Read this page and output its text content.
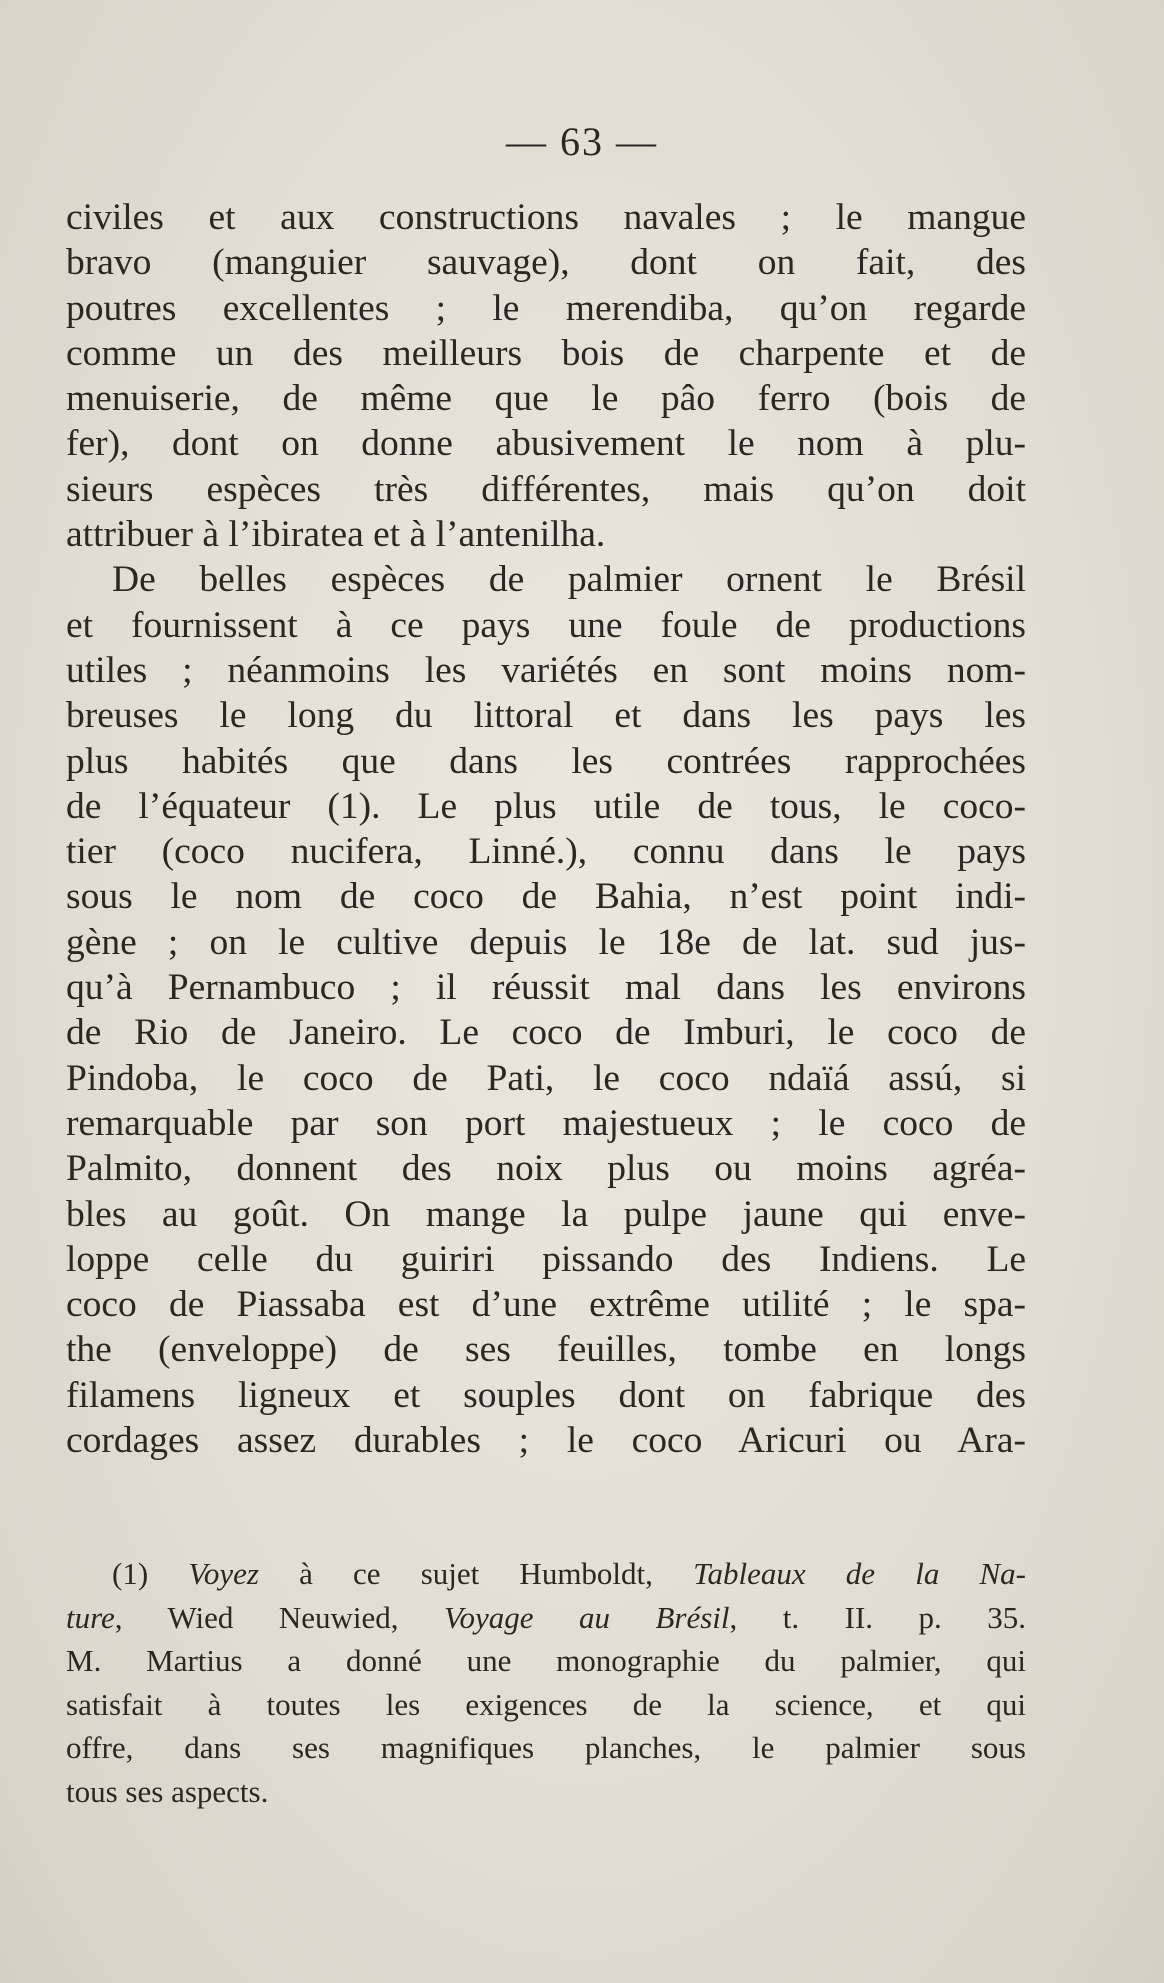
— 63 —
civiles et aux constructions navales ; le mangue
bravo (manguier sauvage), dont on fait, des
poutres excellentes ; le merendiba, qu’on regarde
comme un des meilleurs bois de charpente et de
menuiserie, de même que le pâo ferro (bois de
fer), dont on donne abusivement le nom à plu-
sieurs espèces très différentes, mais qu’on doit
attribuer à l’ibiratea et à l’antenilha.
De belles espèces de palmier ornent le Brésil
et fournissent à ce pays une foule de productions
utiles ; néanmoins les variétés en sont moins nom-
breuses le long du littoral et dans les pays les
plus habités que dans les contrées rapprochées
de l’équateur (1). Le plus utile de tous, le coco-
tier (coco nucifera, Linné.), connu dans le pays
sous le nom de coco de Bahia, n’est point indi-
gène ; on le cultive depuis le 18e de lat. sud jus-
qu’à Pernambuco ; il réussit mal dans les environs
de Rio de Janeiro. Le coco de Imburi, le coco de
Pindoba, le coco de Pati, le coco ndaïá assú, si
remarquable par son port majestueux ; le coco de
Palmito, donnent des noix plus ou moins agréa-
bles au goût. On mange la pulpe jaune qui enve-
loppe celle du guiriri pissando des Indiens. Le
coco de Piassaba est d’une extrême utilité ; le spa-
the (enveloppe) de ses feuilles, tombe en longs
filamens ligneux et souples dont on fabrique des
cordages assez durables ; le coco Aricuri ou Ara-
(1) Voyez à ce sujet Humboldt, Tableaux de la Na-
ture, Wied Neuwied, Voyage au Brésil, t. II. p. 35.
M. Martius a donné une monographie du palmier, qui
satisfait à toutes les exigences de la science, et qui
offre, dans ses magnifiques planches, le palmier sous
tous ses aspects.
